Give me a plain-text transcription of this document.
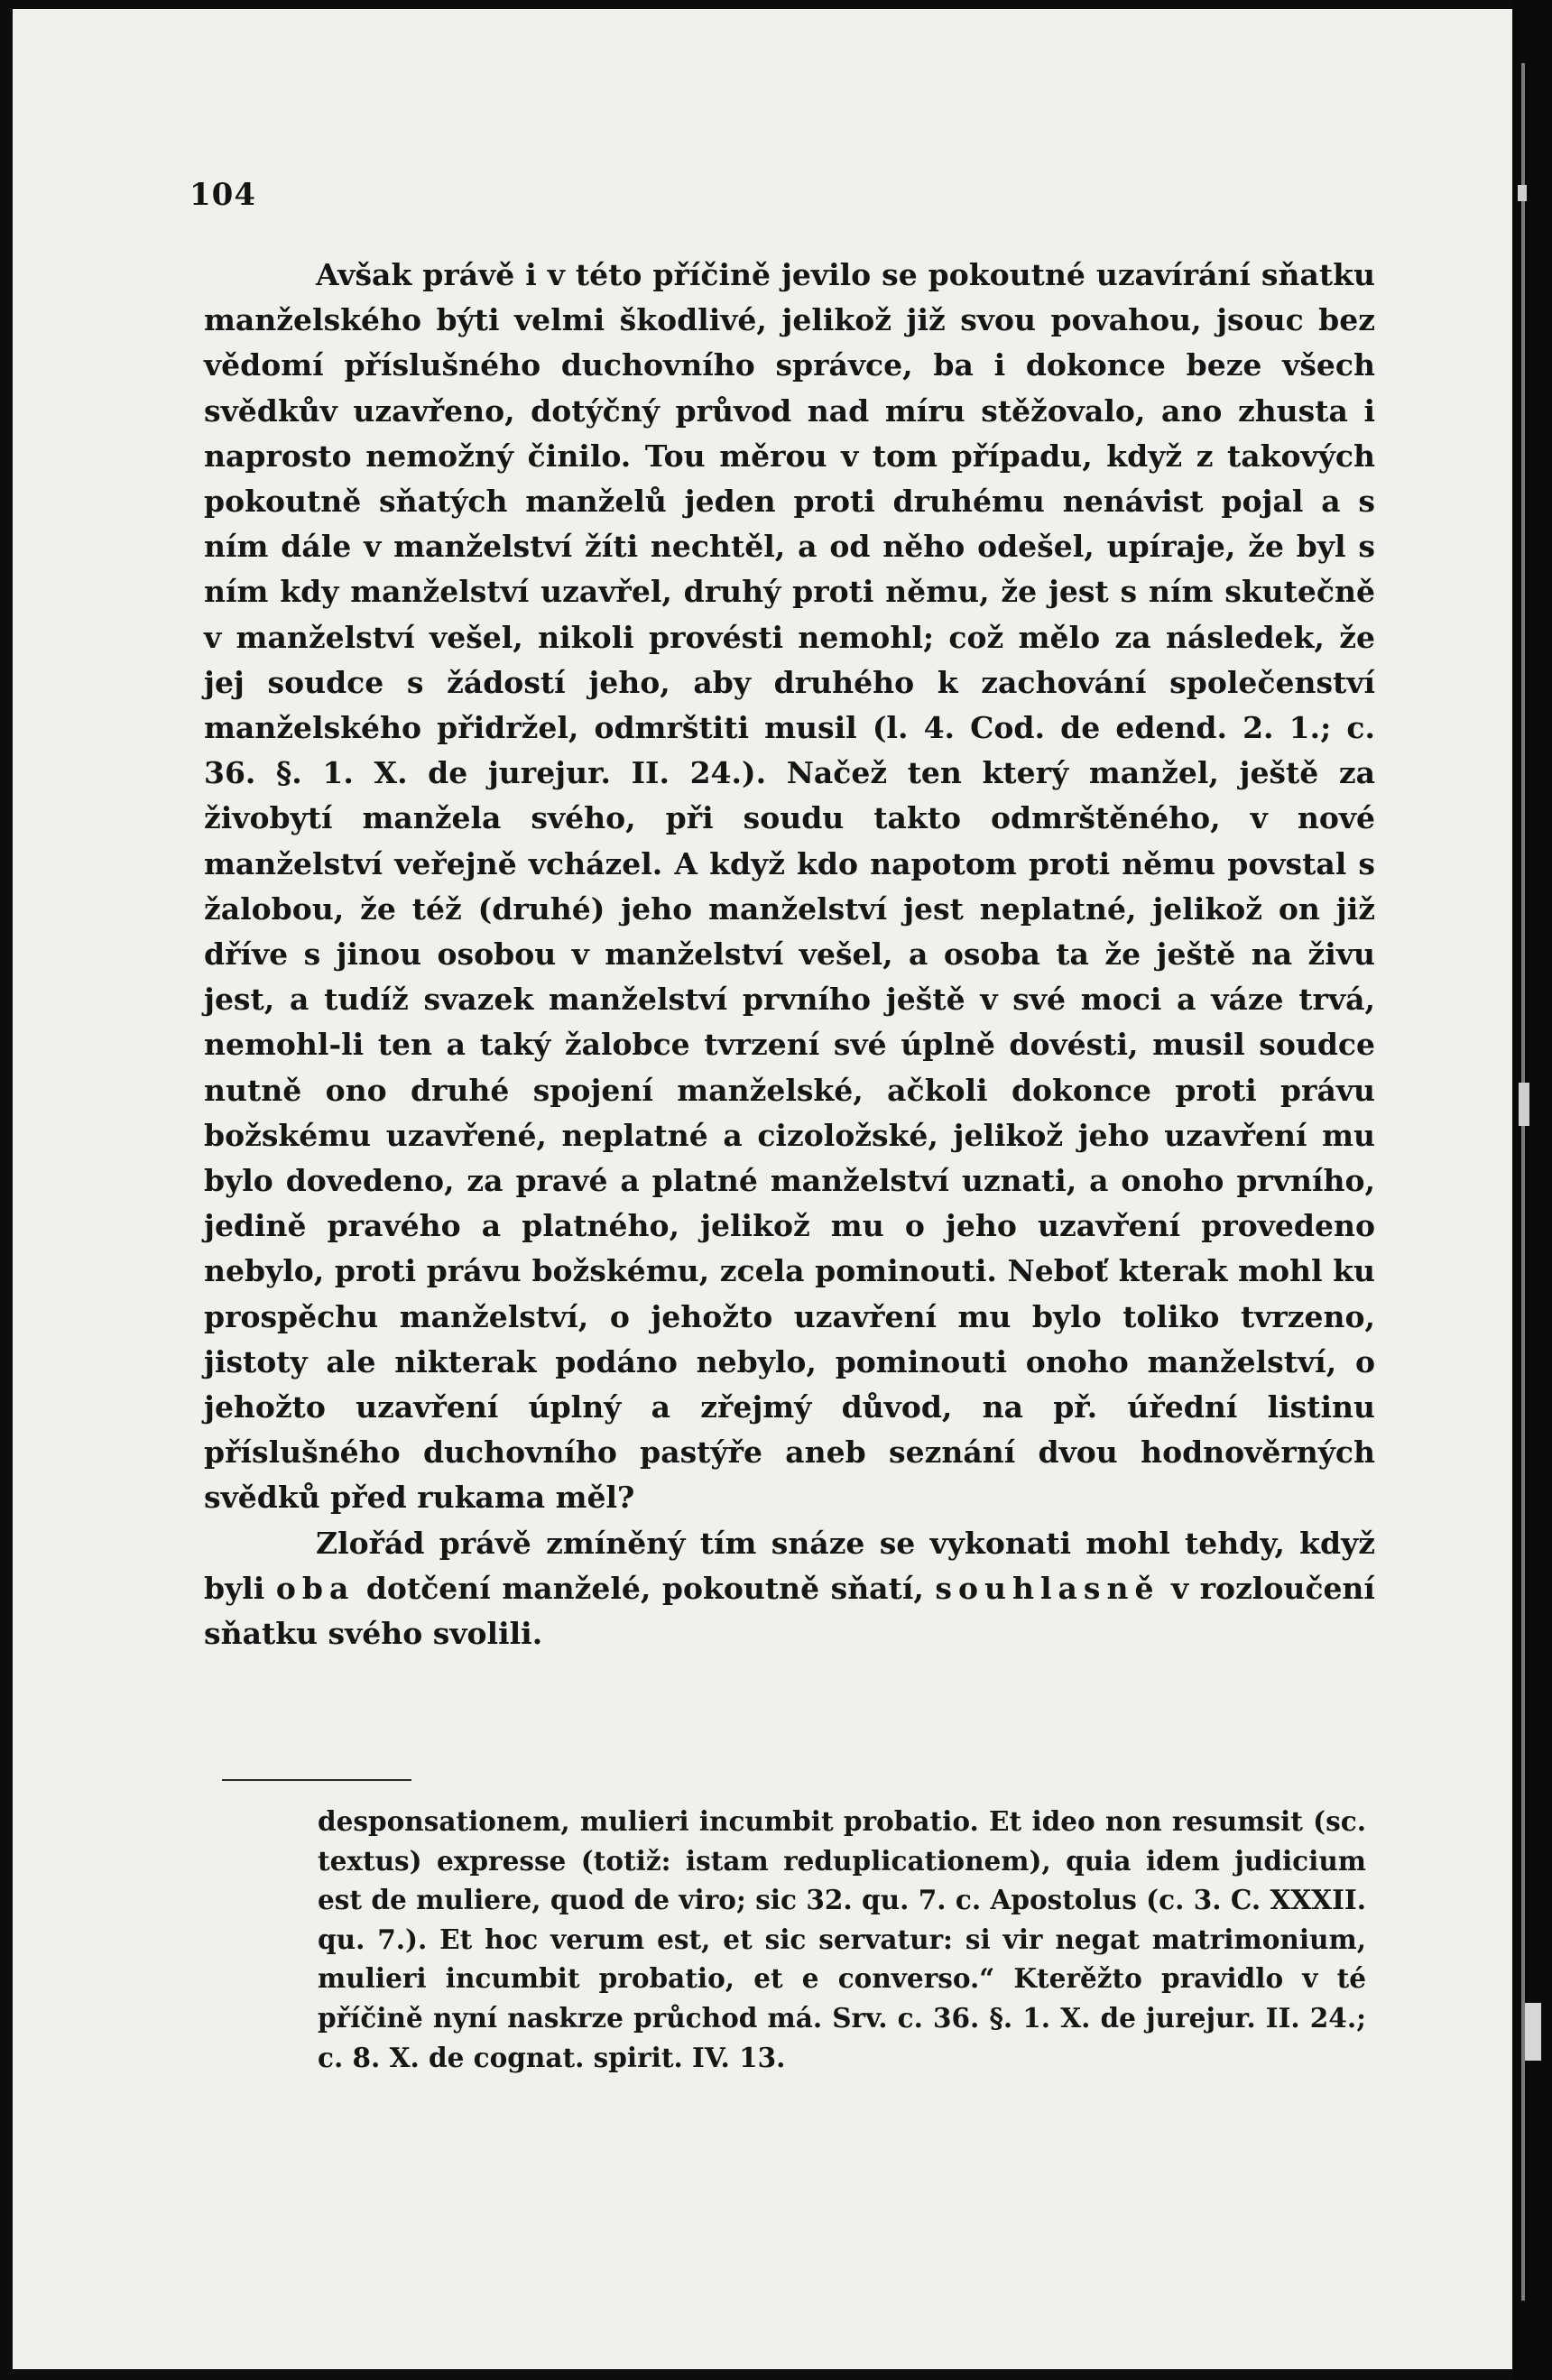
104

Avšak právě i v této příčině jevilo se pokoutné uzavírání sňatku manželského býti velmi škodlivé, jelikož již svou povahou, jsouc bez vědomí příslušného duchovního správce, ba i dokonce beze všech svědkův uzavřeno, dotýčný průvod nad míru stěžovalo, ano zhusta i naprosto nemožný činilo. Tou měrou v tom případu, když z takových pokoutně sňatých manželů jeden proti druhému nenávist pojal a s ním dále v manželství žíti nechtěl, a od něho odešel, upíraje, že byl s ním kdy manželství uzavřel, druhý proti němu, že jest s ním skutečně v manželství vešel, nikoli provésti nemohl; což mělo za následek, že jej soudce s žádostí jeho, aby druhého k zachování společenství manželského přidržel, odmrštiti musil (l. 4. Cod. de edend. 2. 1.; c. 36. §. 1. X. de jurejur. II. 24.). Načež ten který manžel, ještě za živobytí manžela svého, při soudu takto odmrštěného, v nové manželství veřejně vcházel. A když kdo napotom proti němu povstal s žalobou, že též (druhé) jeho manželství jest neplatné, jelikož on již dříve s jinou osobou v manželství vešel, a osoba ta že ještě na živu jest, a tudíž svazek manželství prvního ještě v své moci a váze trvá, nemohl-li ten a taký žalobce tvrzení své úplně dovésti, musil soudce nutně ono druhé spojení manželské, ačkoli dokonce proti právu božskému uzavřené, neplatné a cizoložské, jelikož jeho uzavření mu bylo dovedeno, za pravé a platné manželství uznati, a onoho prvního, jedině pravého a platného, jelikož mu o jeho uzavření provedeno nebylo, proti právu božskému, zcela pominouti. Neboť kterak mohl ku prospěchu manželství, o jehožto uzavření mu bylo toliko tvrzeno, jistoty ale nikterak podáno nebylo, pominouti onoho manželství, o jehožto uzavření úplný a zřejmý důvod, na př. úřední listinu příslušného duchovního pastýře aneb seznání dvou hodnověrných svědků před rukama měl?

Zlořád právě zmíněný tím snáze se vykonati mohl tehdy, když byli oba dotčení manželé, pokoutně sňatí, souhlasně v rozloučení sňatku svého svolili.

desponsationem, mulieri incumbit probatio. Et ideo non resumsit (sc. textus) expresse (totiž: istam reduplicationem), quia idem judicium est de muliere, quod de viro; sic 32. qu. 7. c. Apostolus (c. 3. C. XXXII. qu. 7.). Et hoc verum est, et sic servatur: si vir negat matrimonium, mulieri incumbit probatio, et e converso.“ Kterěžto pravidlo v té příčině nyní naskrze průchod má. Srv. c. 36. §. 1. X. de jurejur. II. 24.; c. 8. X. de cognat. spirit. IV. 13.
